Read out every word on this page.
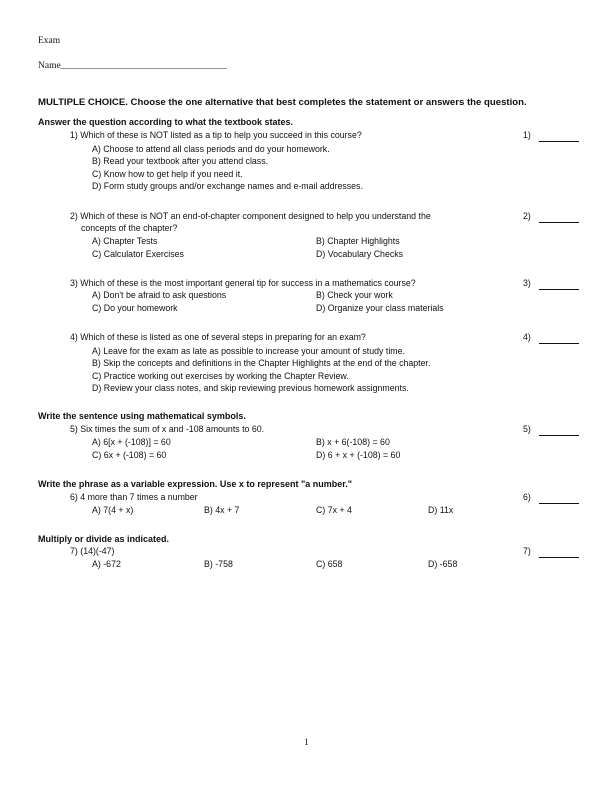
Exam
Name___________________________________
MULTIPLE CHOICE. Choose the one alternative that best completes the statement or answers the question.
Answer the question according to what the textbook states.
1) Which of these is NOT listed as a tip to help you succeed in this course?	1)
A) Choose to attend all class periods and do your homework.
B) Read your textbook after you attend class.
C) Know how to get help if you need it.
D) Form study groups and/or exchange names and e-mail addresses.
2) Which of these is NOT an end-of-chapter component designed to help you understand the
concepts of the chapter?
2)
A) Chapter Tests	B) Chapter Highlights
C) Calculator Exercises	D) Vocabulary Checks
3) Which of these is the most important general tip for success in a mathematics course?	3)
A) Don't be afraid to ask questions	B) Check your work
C) Do your homework	D) Organize your class materials
4) Which of these is listed as one of several steps in preparing for an exam?	4)
A) Leave for the exam as late as possible to increase your amount of study time.
B) Skip the concepts and definitions in the Chapter Highlights at the end of the chapter.
C) Practice working out exercises by working the Chapter Review.
D) Review your class notes, and skip reviewing previous homework assignments.
Write the sentence using mathematical symbols.
5) Six times the sum of x and -108 amounts to 60.	5)
A) 6[x + (-108)] = 60	B) x + 6(-108) = 60
C) 6x + (-108) = 60	D) 6 + x + (-108) = 60
Write the phrase as a variable expression. Use x to represent "a number."
6) 4 more than 7 times a number	6)
A) 7(4 + x)	B) 4x + 7	C) 7x + 4	D) 11x
Multiply or divide as indicated.
7) (14)(-47)	7)
A) -672	B) -758	C) 658	D) -658
1
